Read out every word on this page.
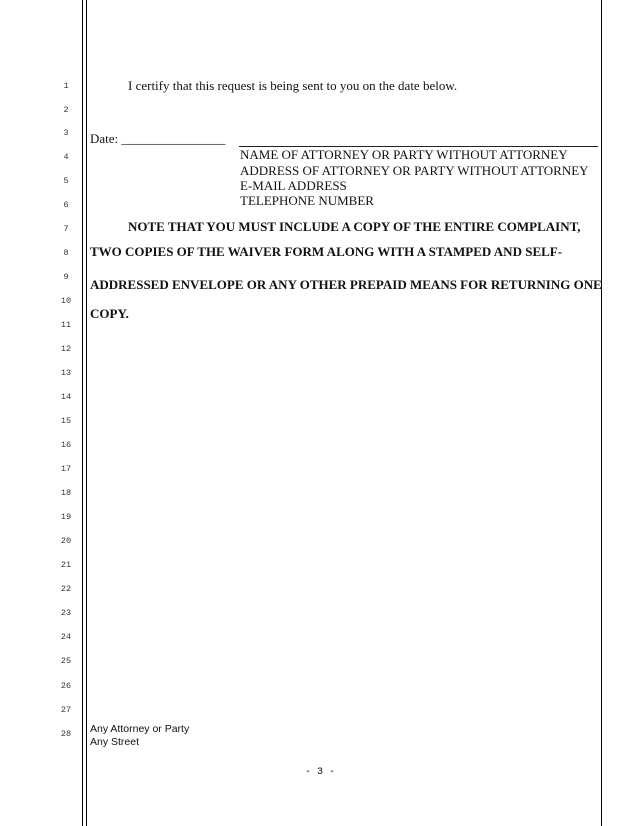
1
2
3
4
5
6
7
8
9
10
11
12
13
14
15
16
17
18
19
20
21
22
23
24
25
26
27
28
I certify that this request is being sent to you on the date below.
Date: ________________
NAME OF ATTORNEY OR PARTY WITHOUT ATTORNEY
ADDRESS OF ATTORNEY OR PARTY WITHOUT ATTORNEY
E-MAIL ADDRESS
TELEPHONE NUMBER
NOTE THAT YOU MUST INCLUDE A COPY OF THE ENTIRE COMPLAINT,
TWO COPIES OF THE WAIVER FORM ALONG WITH A STAMPED AND SELF-
ADDRESSED ENVELOPE OR ANY OTHER PREPAID MEANS FOR RETURNING ONE
COPY.
Any Attorney or Party
Any Street
- 3 -
